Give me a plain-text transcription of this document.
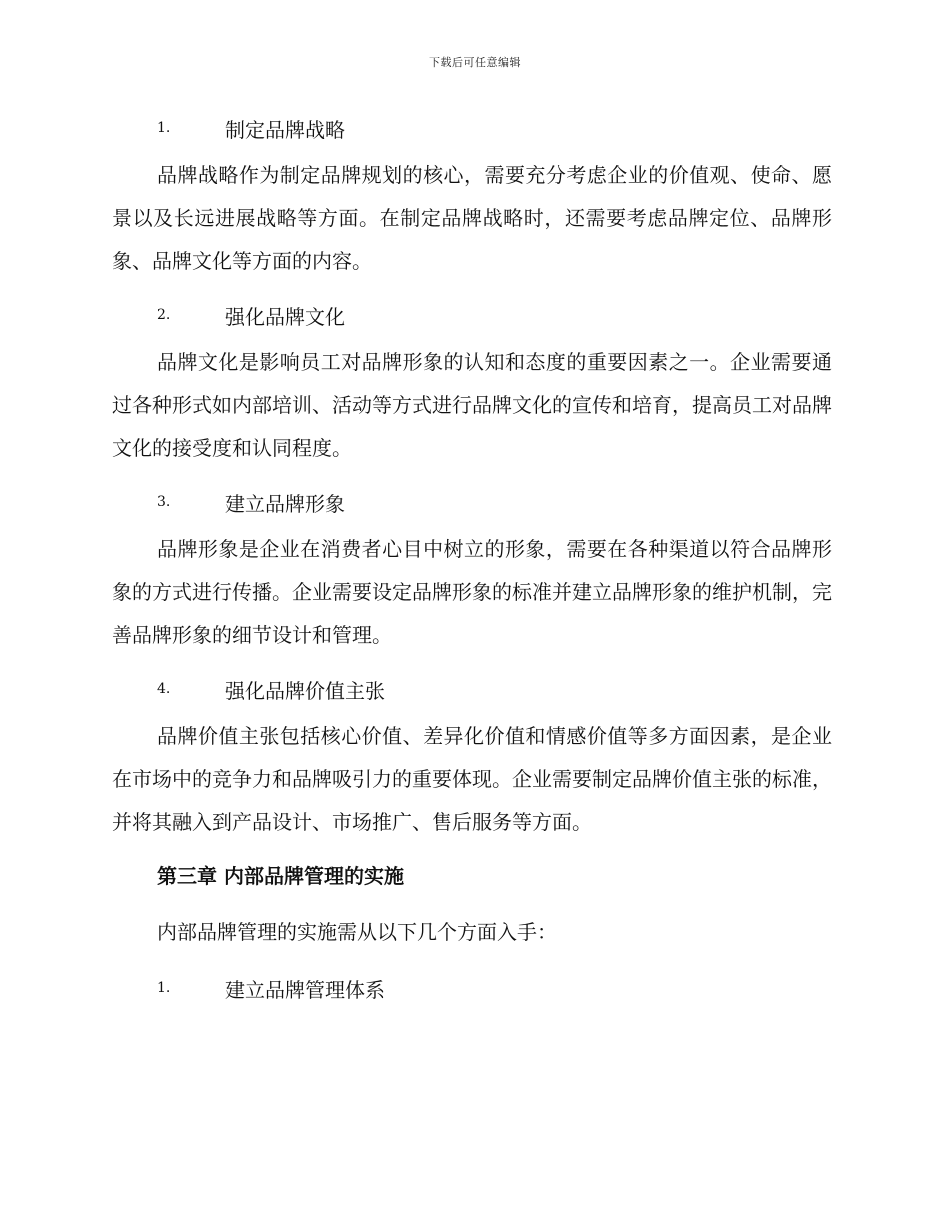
下载后可任意编辑
1.	制定品牌战略

品牌战略作为制定品牌规划的核心，需要充分考虑企业的价值观、使命、愿景以及长远进展战略等方面。在制定品牌战略时，还需要考虑品牌定位、品牌形象、品牌文化等方面的内容。

2.	强化品牌文化

品牌文化是影响员工对品牌形象的认知和态度的重要因素之一。企业需要通过各种形式如内部培训、活动等方式进行品牌文化的宣传和培育，提高员工对品牌文化的接受度和认同程度。

3.	建立品牌形象

品牌形象是企业在消费者心目中树立的形象，需要在各种渠道以符合品牌形象的方式进行传播。企业需要设定品牌形象的标准并建立品牌形象的维护机制，完善品牌形象的细节设计和管理。

4.	强化品牌价值主张

品牌价值主张包括核心价值、差异化价值和情感价值等多方面因素，是企业在市场中的竞争力和品牌吸引力的重要体现。企业需要制定品牌价值主张的标准，并将其融入到产品设计、市场推广、售后服务等方面。

第三章 内部品牌管理的实施
内部品牌管理的实施需从以下几个方面入手：
1.	建立品牌管理体系
